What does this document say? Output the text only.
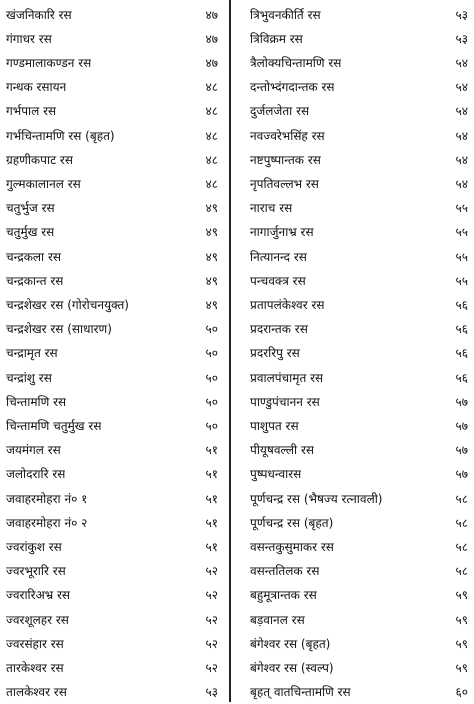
खंजनिकारि रस	४७
गंगाधर रस	४७
गण्डमालाकण्डन रस	४७
गन्धक रसायन	४८
गर्भपाल रस	४८
गर्भचिन्तामणि रस (बृहत)	४८
ग्रहणीकपाट रस	४८
गुल्मकालानल रस	४८
चतुर्भुज रस	४९
चतुर्मुख रस	४९
चन्द्रकला रस	४९
चन्द्रकान्त रस	४९
चन्द्रशेखर रस (गोरोचनयुक्त)	४९
चन्द्रशेखर रस (साधारण)	५०
चन्द्रामृत रस	५०
चन्द्रांशु रस	५०
चिन्तामणि रस	५०
चिन्तामणि चतुर्मुख रस	५०
जयमंगल रस	५१
जलोदरारि रस	५१
जवाहरमोहरा नं० १	५१
जवाहरमोहरा नं० २	५१
ज्वरांकुश रस	५१
ज्वरभूरारि रस	५२
ज्वरारिअभ्र रस	५२
ज्वरशूलहर रस	५२
ज्वरसंहार रस	५२
तारकेश्वर रस	५२
तालकेश्वर रस	५३
त्रिभुवनकीर्ति रस	५३
त्रिविक्रम रस	५३
त्रैलोक्यचिन्तामणि रस	५४
दन्तोभ्दंगदान्तक रस	५४
दुर्जलजेता रस	५४
नवज्वरेभसिंह रस	५४
नष्टपुष्पान्तक रस	५४
नृपतिवल्लभ रस	५४
नाराच रस	५५
नागार्जुनाभ्र रस	५५
नित्यानन्द रस	५५
पन्चवक्त्र रस	५५
प्रतापलंकेश्वर रस	५६
प्रदरान्तक रस	५६
प्रदररिपु रस	५६
प्रवालपंचामृत रस	५६
पाण्डुपंचानन रस	५७
पाशुपत रस	५७
पीयूषवल्ली रस	५७
पुष्पधन्वारस	५७
पूर्णचन्द्र रस (भैषज्य रत्नावली)	५८
पूर्णचन्द्र रस (बृहत)	५८
वसन्तकुसुमाकर रस	५८
वसन्ततिलक रस	५८
बहुमूत्रान्तक रस	५९
बड़वानल रस	५९
बंगेश्वर रस (बृहत)	५९
बंगेश्वर रस (स्वल्प)	५९
बृहत् वातचिन्तामणि रस	६०
